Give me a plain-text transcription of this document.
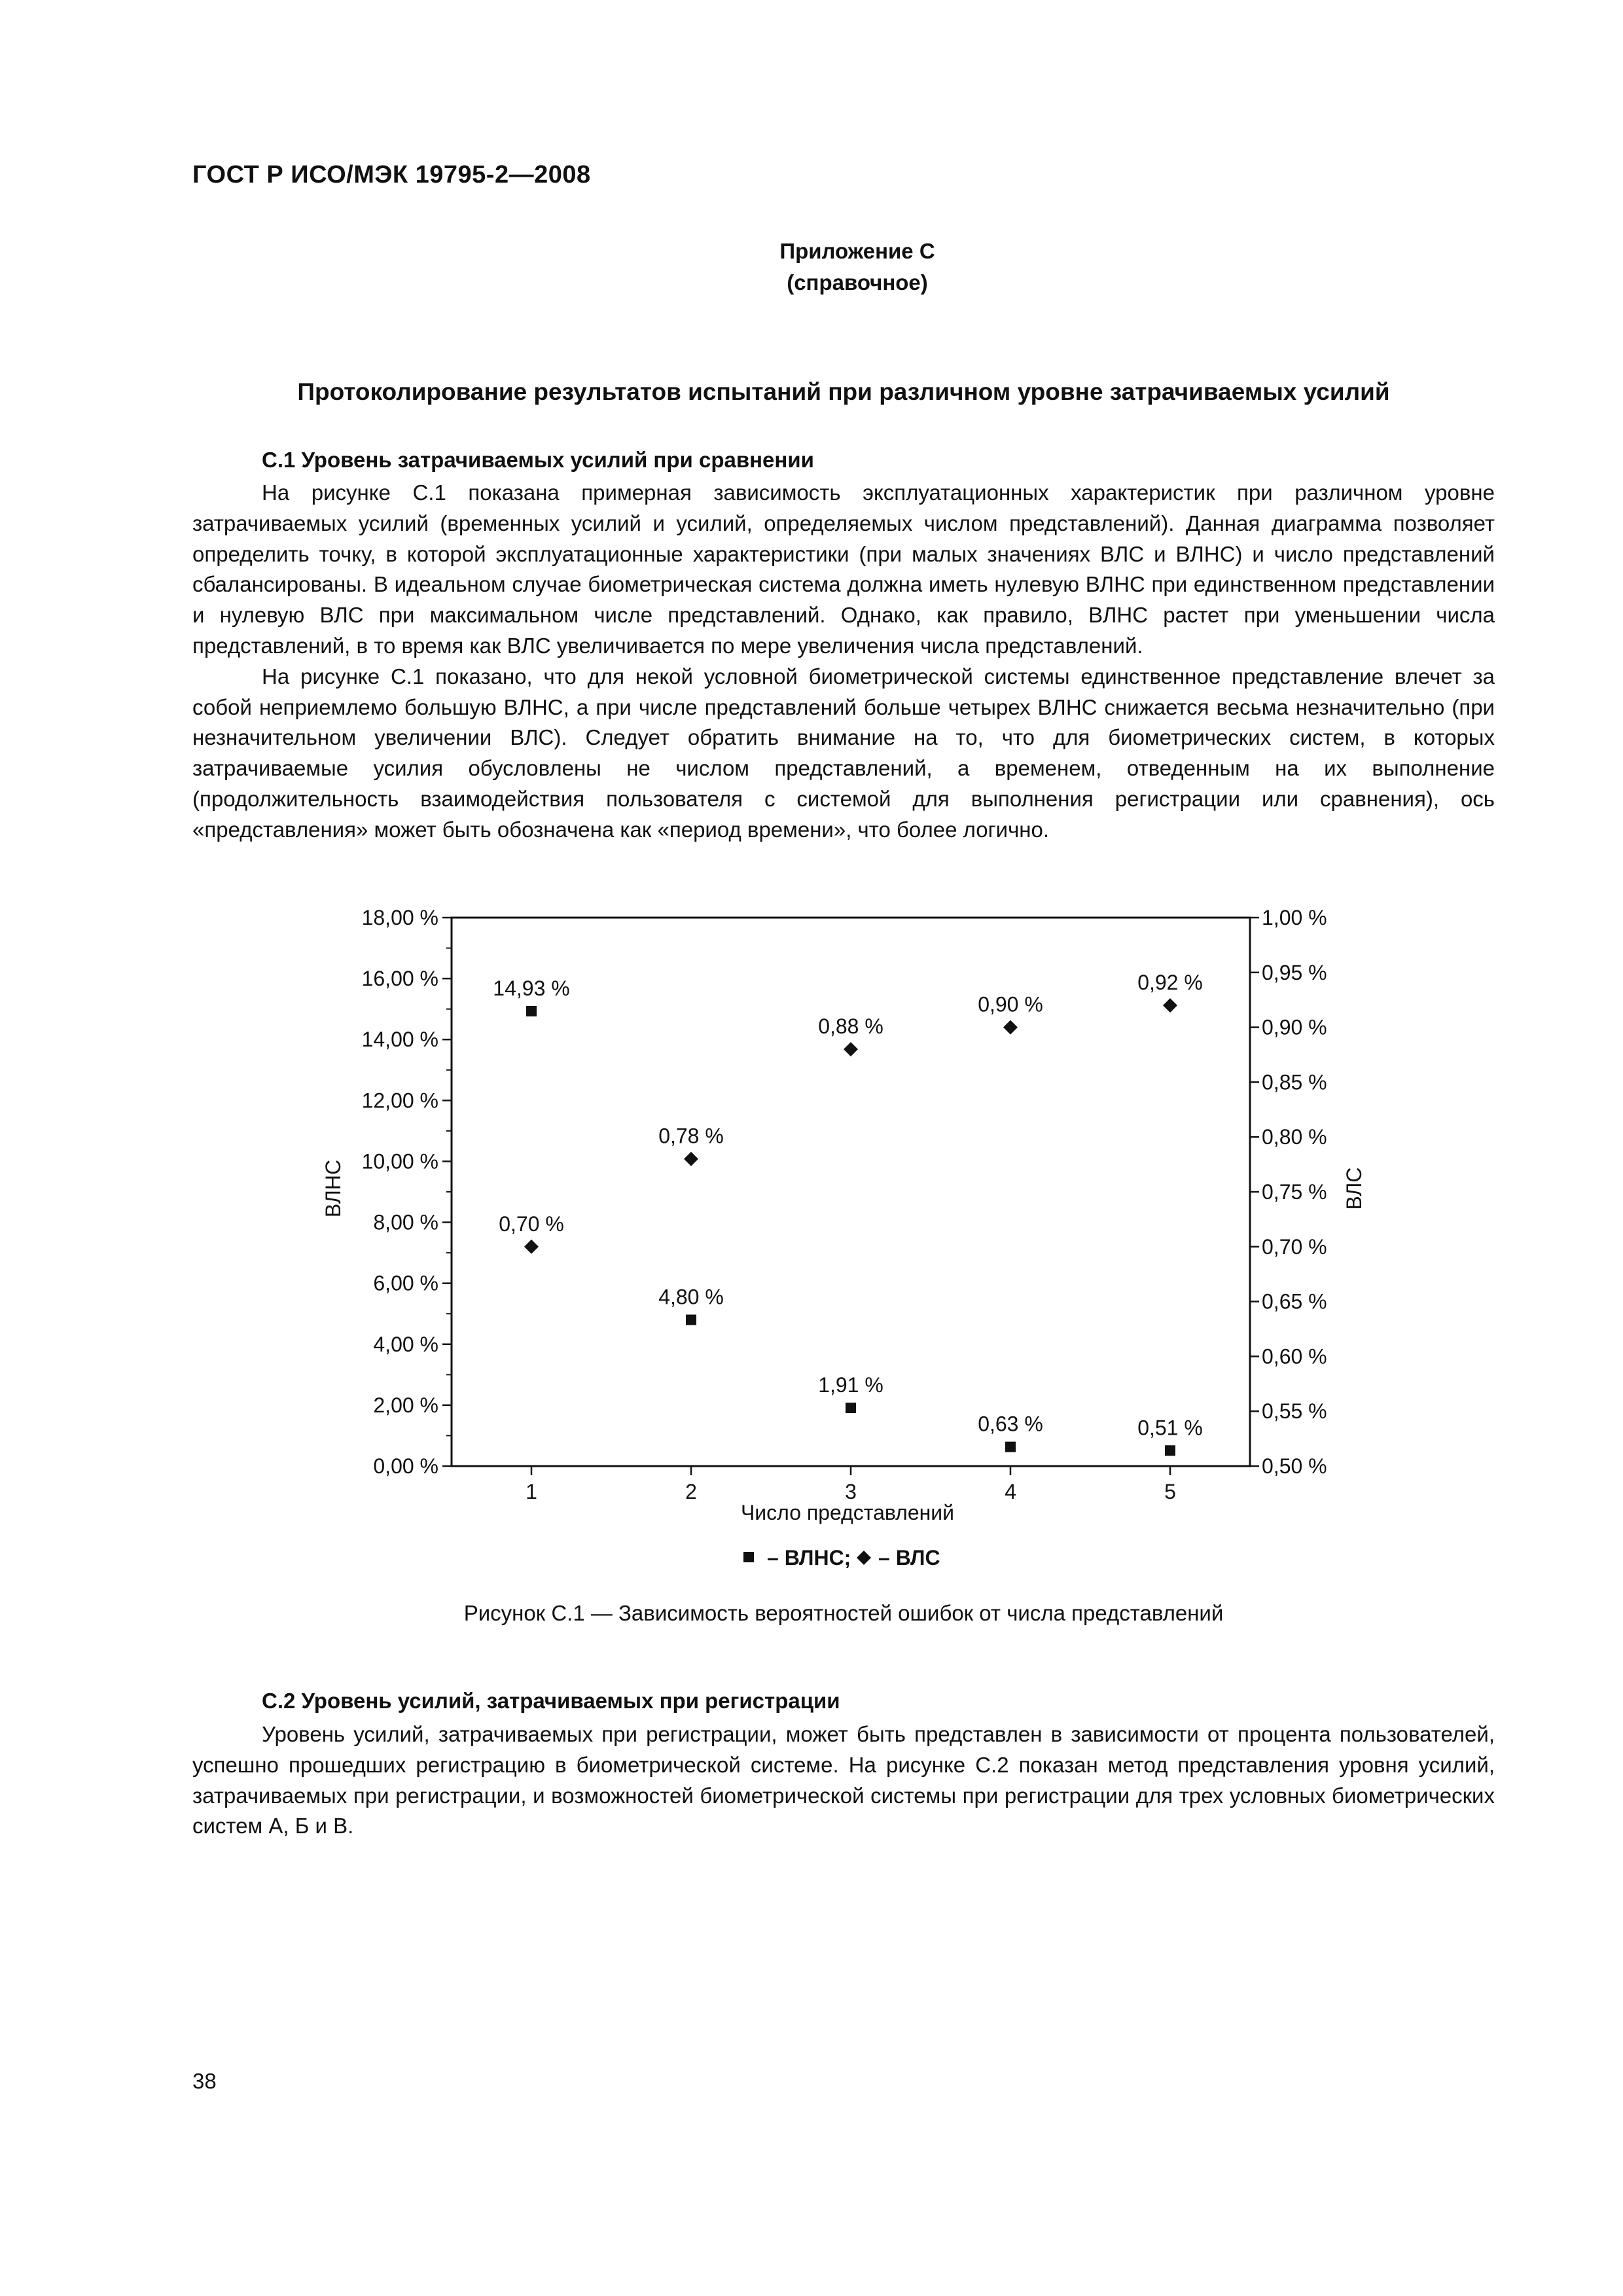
ГОСТ Р ИСО/МЭК 19795-2—2008
Приложение С
(справочное)
Протоколирование результатов испытаний при различном уровне затрачиваемых усилий
С.1 Уровень затрачиваемых усилий при сравнении

На рисунке С.1 показана примерная зависимость эксплуатационных характеристик при различном уровне затрачиваемых усилий (временных усилий и усилий, определяемых числом представлений). Данная диаграмма позволяет определить точку, в которой эксплуатационные характеристики (при малых значениях ВЛС и ВЛНС) и число представлений сбалансированы. В идеальном случае биометрическая система должна иметь нулевую ВЛНС при единственном представлении и нулевую ВЛС при максимальном числе представлений. Однако, как правило, ВЛНС растет при уменьшении числа представлений, в то время как ВЛС увеличивается по мере увеличения числа представлений.

На рисунке С.1 показано, что для некой условной биометрической системы единственное представление влечет за собой неприемлемо большую ВЛНС, а при числе представлений больше четырех ВЛНС снижается весьма незначительно (при незначительном увеличении ВЛС). Следует обратить внимание на то, что для биометрических систем, в которых затрачиваемые усилия обусловлены не числом представлений, а временем, отведенным на их выполнение (продолжительность взаимодействия пользователя с системой для выполнения регистрации или сравнения), ось «представления» может быть обозначена как «период времени», что более логично.

0,00 %
2,00 %
4,00 %
6,00 %
8,00 %
10,00 %
12,00 %
14,00 %
16,00 %
18,00 %
0,50 %
0,55 %
0,60 %
0,65 %
0,70 %
0,75 %
0,80 %
0,85 %
0,90 %
0,95 %
1,00 %
1	2	3	4	5
14,93 %
4,80 %
1,91 %
0,63 %	0,51 %
0,70 %
0,78 %
0,88 %
0,90 %
0,92 %
Число представлений
ВЛНС	ВЛС
– ВЛНС; – ВЛС
Рисунок С.1 — Зависимость вероятностей ошибок от числа представлений
С.2 Уровень усилий, затрачиваемых при регистрации

Уровень усилий, затрачиваемых при регистрации, может быть представлен в зависимости от процента пользователей, успешно прошедших регистрацию в биометрической системе. На рисунке С.2 показан метод представления уровня усилий, затрачиваемых при регистрации, и возможностей биометрической системы при регистрации для трех условных биометрических систем А, Б и В.

38
